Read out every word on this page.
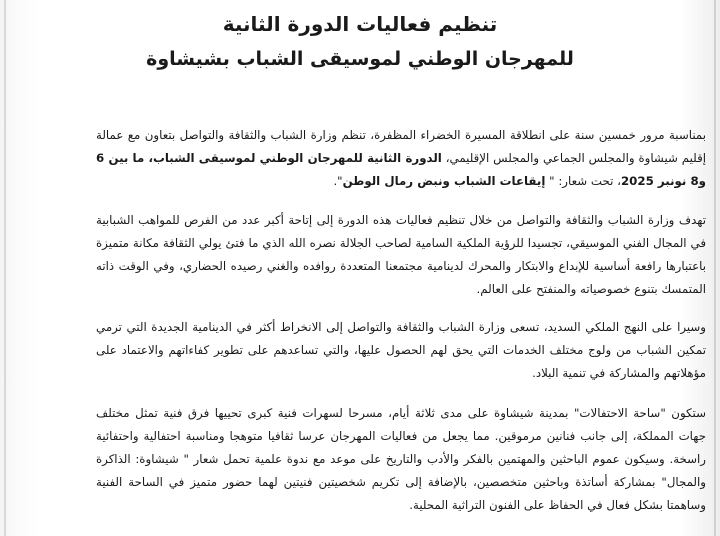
تنظيم فعاليات الدورة الثانية
للمهرجان الوطني لموسيقى الشباب بشيشاوة
بمناسبة مرور خمسين سنة على انطلاقة المسيرة الخضراء المظفرة، تنظم وزارة الشباب والثقافة والتواصل بتعاون مع عمالة إقليم شيشاوة والمجلس الجماعي والمجلس الإقليمي، الدورة الثانية للمهرجان الوطني لموسيقى الشباب، ما بين 6 و8 نونبر 2025، تحت شعار: " إيقاعات الشباب ونبض رمال الوطن".
تهدف وزارة الشباب والثقافة والتواصل من خلال تنظيم فعاليات هذه الدورة إلى إتاحة أكبر عدد من الفرص للمواهب الشبابية في المجال الفني الموسيقي، تجسيدا للرؤية الملكية السامية لصاحب الجلالة نصره الله الذي ما فتئ يولي الثقافة مكانة متميزة باعتبارها رافعة أساسية للإبداع والابتكار والمحرك لدينامية مجتمعنا المتعددة روافده والغني رصيده الحضاري، وفي الوقت ذاته المتمسك بتنوع خصوصياته والمنفتح على العالم.
وسيرا على النهج الملكي السديد، تسعى وزارة الشباب والثقافة والتواصل إلى الانخراط أكثر في الدينامية الجديدة التي ترمي تمكين الشباب من ولوج مختلف الخدمات التي يحق لهم الحصول عليها، والتي تساعدهم على تطوير كفاءاتهم والاعتماد على مؤهلاتهم والمشاركة في تنمية البلاد.
ستكون "ساحة الاحتفالات" بمدينة شيشاوة على مدى ثلاثة أيام، مسرحا لسهرات فنية كبرى تحييها فرق فنية تمثل مختلف جهات المملكة، إلى جانب فنانين مرموقين. مما يجعل من فعاليات المهرجان عرسا ثقافيا متوهجا ومناسبة احتفالية واحتفائية راسخة. وسيكون عموم الباحثين والمهتمين بالفكر والأدب والتاريخ على موعد مع ندوة علمية تحمل شعار " شيشاوة: الذاكرة والمجال" بمشاركة أساتذة وباحثين متخصصين، بالإضافة إلى تكريم شخصيتين فنيتين لهما حضور متميز في الساحة الفنية وساهمتا بشكل فعال في الحفاظ على الفنون التراثية المحلية.
